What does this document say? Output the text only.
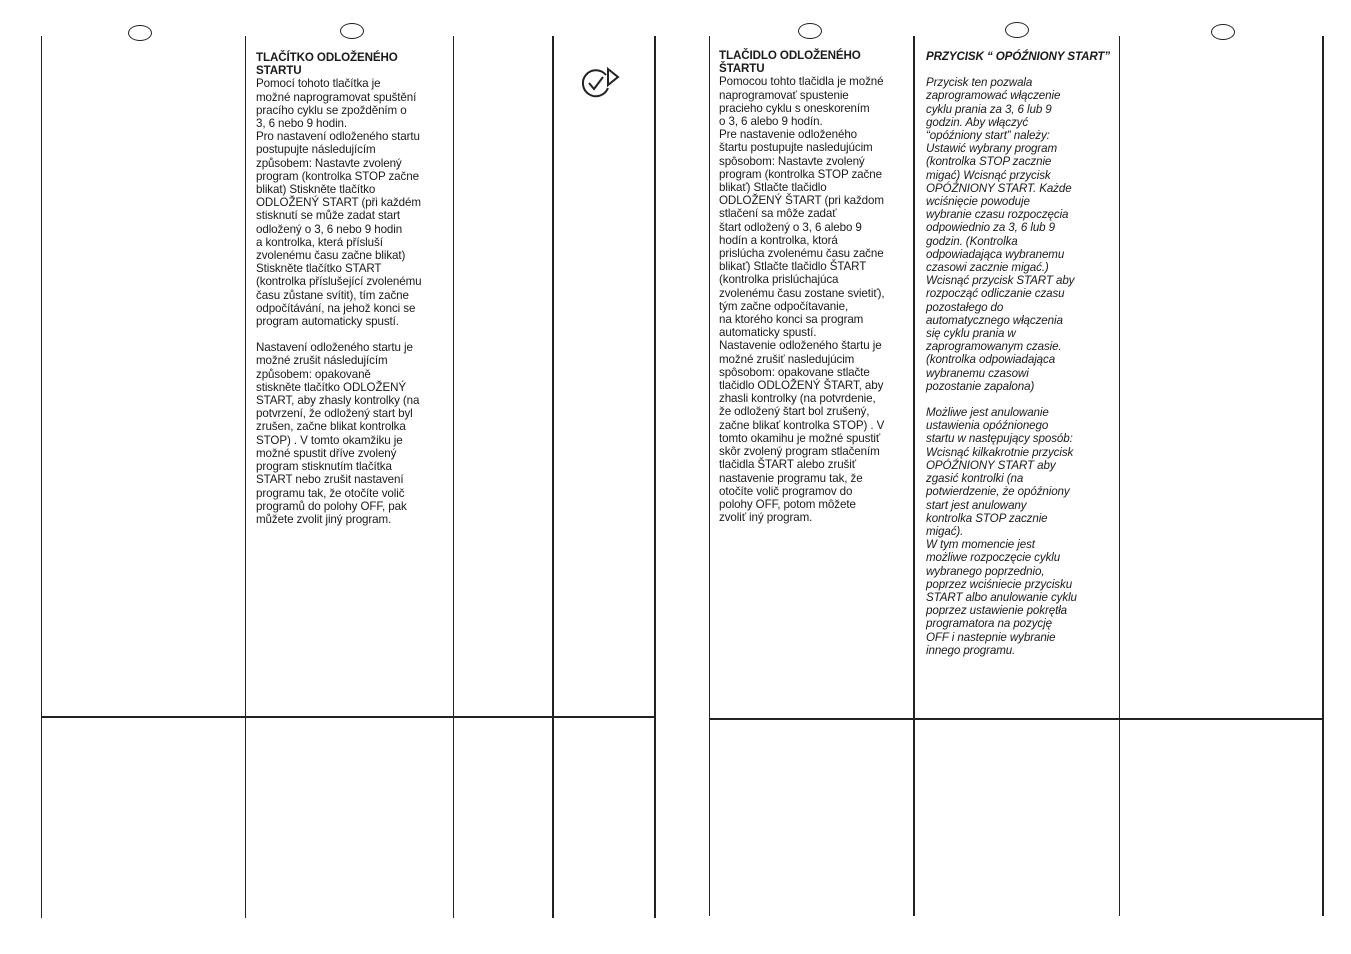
TLAČÍTKO ODLOŽENÉHO
STARTU

Pomocí tohoto tlačítka je
možné naprogramovat spuštění
pracího cyklu se zpožděním o
3, 6 nebo 9 hodin.
Pro nastavení odloženého startu
postupujte následujícím
způsobem: Nastavte zvolený
program (kontrolka STOP začne
blikat) Stiskněte tlačítko
ODLOŽENÝ START (při každém
stisknutí se může zadat start
odložený o 3, 6 nebo 9 hodin
a kontrolka, která přísluší
zvolenému času začne blikat)
Stiskněte tlačítko START
(kontrolka příslušející zvolenému
času zůstane svítit), tím začne
odpočítávání, na jehož konci se
program automaticky spustí.

Nastavení odloženého startu je
možné zrušit následujícím
způsobem: opakovaně
stiskněte tlačítko ODLOŽENÝ
START, aby zhasly kontrolky (na
potvrzení, že odložený start byl
zrušen, začne blikat kontrolka
STOP) . V tomto okamžiku je
možné spustit dříve zvolený
program stisknutím tlačítka
START nebo zrušit nastavení
programu tak, že otočíte volič
programů do polohy OFF, pak
můžete zvolit jiný program.

TLAČIDLO ODLOŽENÉHO
ŠTARTU

Pomocou tohto tlačidla je možné
naprogramovať spustenie
pracieho cyklu s oneskorením
o 3, 6 alebo 9 hodín.
Pre nastavenie odloženého
štartu postupujte nasledujúcim
spôsobom: Nastavte zvolený
program (kontrolka STOP začne
blikať) Stlačte tlačidlo
ODLOŽENÝ ŠTART (pri každom
stlačení sa môže zadať
štart odložený o 3, 6 alebo 9
hodín a kontrolka, ktorá
prislúcha zvolenému času začne
blikať) Stlačte tlačidlo ŠTART
(kontrolka prislúchajúca
zvolenému času zostane svietiť),
tým začne odpočítavanie,
na ktorého konci sa program
automaticky spustí.
Nastavenie odloženého štartu je
možné zrušiť nasledujúcim
spôsobom: opakovane stlačte
tlačidlo ODLOŽENÝ ŠTART, aby
zhasli kontrolky (na potvrdenie,
že odložený štart bol zrušený,
začne blikať kontrolka STOP) . V
tomto okamihu je možné spustiť
skôr zvolený program stlačením
tlačidla ŠTART alebo zrušiť
nastavenie programu tak, že
otočíte volič programov do
polohy OFF, potom môžete
zvoliť iný program.

PRZYCISK “ OPÓŹNIONY START”

Przycisk ten pozwala
zaprogramować włączenie
cyklu prania za 3, 6 lub 9
godzin. Aby włączyć
“opóźniony start” należy:
Ustawić wybrany program
(kontrolka STOP zacznie
migać) Wcisnąć przycisk
OPÓŹNIONY START. Każde
wciśnięcie powoduje
wybranie czasu rozpoczęcia
odpowiednio za 3, 6 lub 9
godzin. (Kontrolka
odpowiadająca wybranemu
czasowi zacznie migać.)
Wcisnąć przycisk START aby
rozpocząć odliczanie czasu
pozostałego do
automatycznego włączenia
się cyklu prania w
zaprogramowanym czasie.
(kontrolka odpowiadająca
wybranemu czasowi
pozostanie zapalona)

Możliwe jest anulowanie
ustawienia opóźnionego
startu w następujący sposób:
Wcisnąć kilkakrotnie przycisk
OPÓŹNIONY START aby
zgasić kontrolki (na
potwierdzenie, że opóźniony
start jest anulowany
kontrolka STOP zacznie
migać).
W tym momencie jest
możliwe rozpoczęcie cyklu
wybranego poprzednio,
poprzez wciśniecie przycisku
START albo anulowanie cyklu
poprzez ustawienie pokrętła
programatora na pozycję
OFF i nastepnie wybranie
innego programu.
